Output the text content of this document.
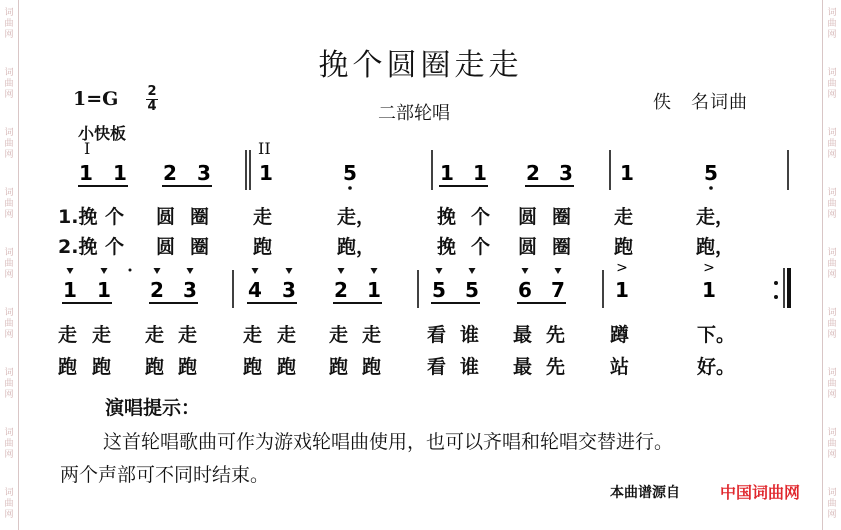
词
曲
网
词
曲
网
词
曲
网
词
曲
网
词
曲
网
词
曲
网
词
曲
网
词
曲
网
词
曲
网
词
曲
网
词
曲
网
词
曲
网
词
曲
网
词
曲
网
词
曲
网
词
曲
网
词
曲
网
词
曲
网
挽个圆圈走走
1=G 2
4	二部轮唱
佚　名词曲
小快板
I	II
1 1 2 3 1	5	1 1 2 3 1	5
1 1 2 3	4 3 2 1	5 5 6 7	1	1
>	>
1.挽 个 圆 圈 走	走，	挽 个 圆 圈 走	走，
2.挽 个 圆 圈 跑	跑，	挽 个 圆 圈 跑	跑，
走 走 走 走 走 走 走 走 看 谁 最 先 蹲	下。
跑 跑 跑 跑 跑 跑 跑 跑 看 谁 最 先 站	好。
演唱提示：
这首轮唱歌曲可作为游戏轮唱曲使用，也可以齐唱和轮唱交替进行。
两个声部可不同时结束。
本曲谱源自	中国词曲网
